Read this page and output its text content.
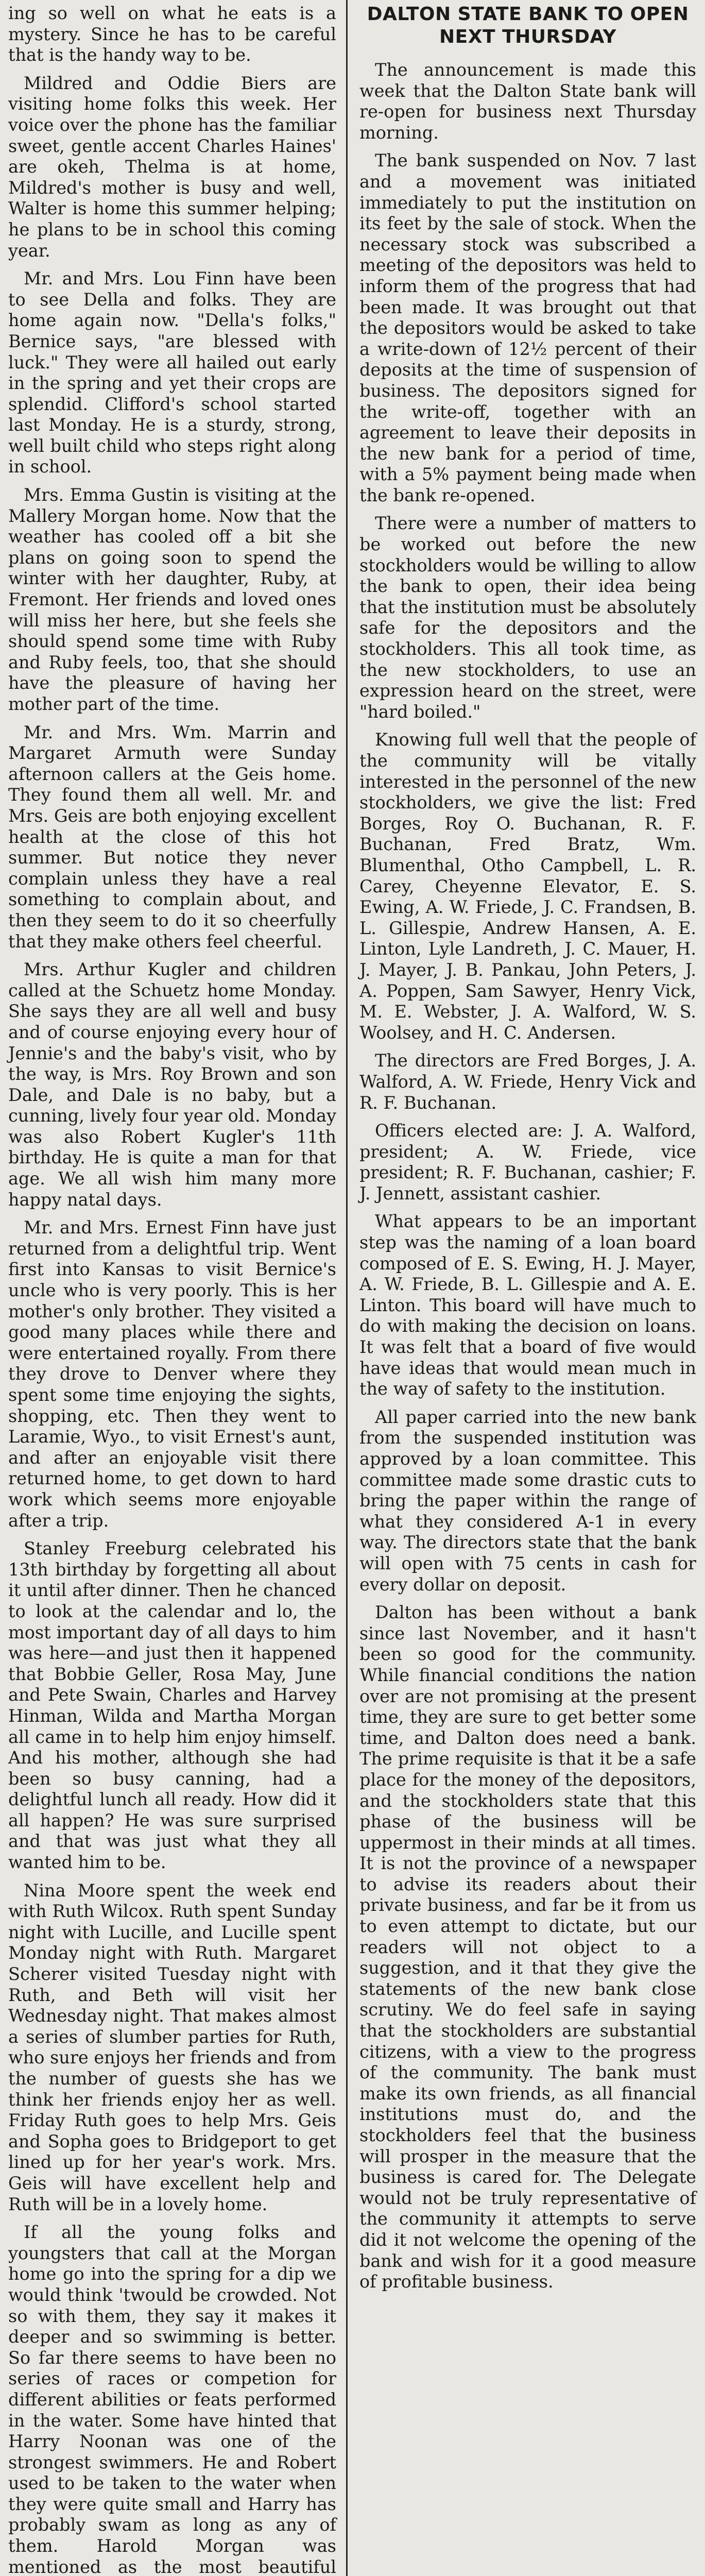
ing so well on what he eats is a mystery. Since he has to be careful that is the handy way to be.

Mildred and Oddie Biers are visiting home folks this week. Her voice over the phone has the familiar sweet, gentle accent Charles Haines' are okeh, Thelma is at home, Mildred's mother is busy and well, Walter is home this summer helping; he plans to be in school this coming year.

Mr. and Mrs. Lou Finn have been to see Della and folks. They are home again now. "Della's folks," Bernice says, "are blessed with luck." They were all hailed out early in the spring and yet their crops are splendid. Clifford's school started last Monday. He is a sturdy, strong, well built child who steps right along in school.

Mrs. Emma Gustin is visiting at the Mallery Morgan home. Now that the weather has cooled off a bit she plans on going soon to spend the winter with her daughter, Ruby, at Fremont. Her friends and loved ones will miss her here, but she feels she should spend some time with Ruby and Ruby feels, too, that she should have the pleasure of having her mother part of the time.

Mr. and Mrs. Wm. Marrin and Margaret Armuth were Sunday afternoon callers at the Geis home. They found them all well. Mr. and Mrs. Geis are both enjoying excellent health at the close of this hot summer. But notice they never complain unless they have a real something to complain about, and then they seem to do it so cheerfully that they make others feel cheerful.

Mrs. Arthur Kugler and children called at the Schuetz home Monday. She says they are all well and busy and of course enjoying every hour of Jennie's and the baby's visit, who by the way, is Mrs. Roy Brown and son Dale, and Dale is no baby, but a cunning, lively four year old. Monday was also Robert Kugler's 11th birthday. He is quite a man for that age. We all wish him many more happy natal days.

Mr. and Mrs. Ernest Finn have just returned from a delightful trip. Went first into Kansas to visit Bernice's uncle who is very poorly. This is her mother's only brother. They visited a good many places while there and were entertained royally. From there they drove to Denver where they spent some time enjoying the sights, shopping, etc. Then they went to Laramie, Wyo., to visit Ernest's aunt, and after an enjoyable visit there returned home, to get down to hard work which seems more enjoyable after a trip.

Stanley Freeburg celebrated his 13th birthday by forgetting all about it until after dinner. Then he chanced to look at the calendar and lo, the most important day of all days to him was here—and just then it happened that Bobbie Geller, Rosa May, June and Pete Swain, Charles and Harvey Hinman, Wilda and Martha Morgan all came in to help him enjoy himself. And his mother, although she had been so busy canning, had a delightful lunch all ready. How did it all happen? He was sure surprised and that was just what they all wanted him to be.

Nina Moore spent the week end with Ruth Wilcox. Ruth spent Sunday night with Lucille, and Lucille spent Monday night with Ruth. Margaret Scherer visited Tuesday night with Ruth, and Beth will visit her Wednesday night. That makes almost a series of slumber parties for Ruth, who sure enjoys her friends and from the number of guests she has we think her friends enjoy her as well. Friday Ruth goes to help Mrs. Geis and Sopha goes to Bridgeport to get lined up for her year's work. Mrs. Geis will have excellent help and Ruth will be in a lovely home.

If all the young folks and youngsters that call at the Morgan home go into the spring for a dip we would think 'twould be crowded. Not so with them, they say it makes it deeper and so swimming is better. So far there seems to have been no series of races or competion for different abilities or feats performed in the water. Some have hinted that Harry Noonan was one of the strongest swimmers. He and Robert used to be taken to the water when they were quite small and Harry has probably swam as long as any of them. Harold Morgan was mentioned as the most beautiful

DALTON STATE BANK TO OPEN NEXT THURSDAY

The announcement is made this week that the Dalton State bank will re-open for business next Thursday morning.

The bank suspended on Nov. 7 last and a movement was initiated immediately to put the institution on its feet by the sale of stock. When the necessary stock was subscribed a meeting of the depositors was held to inform them of the progress that had been made. It was brought out that the depositors would be asked to take a write-down of 12½ percent of their deposits at the time of suspension of business. The depositors signed for the write-off, together with an agreement to leave their deposits in the new bank for a period of time, with a 5% payment being made when the bank re-opened.

There were a number of matters to be worked out before the new stockholders would be willing to allow the bank to open, their idea being that the institution must be absolutely safe for the depositors and the stockholders. This all took time, as the new stockholders, to use an expression heard on the street, were "hard boiled."

Knowing full well that the people of the community will be vitally interested in the personnel of the new stockholders, we give the list: Fred Borges, Roy O. Buchanan, R. F. Buchanan, Fred Bratz, Wm. Blumenthal, Otho Campbell, L. R. Carey, Cheyenne Elevator, E. S. Ewing, A. W. Friede, J. C. Frandsen, B. L. Gillespie, Andrew Hansen, A. E. Linton, Lyle Landreth, J. C. Mauer, H. J. Mayer, J. B. Pankau, John Peters, J. A. Poppen, Sam Sawyer, Henry Vick, M. E. Webster, J. A. Walford, W. S. Woolsey, and H. C. Andersen.

The directors are Fred Borges, J. A. Walford, A. W. Friede, Henry Vick and R. F. Buchanan.

Officers elected are: J. A. Walford, president; A. W. Friede, vice president; R. F. Buchanan, cashier; F. J. Jennett, assistant cashier.

What appears to be an important step was the naming of a loan board composed of E. S. Ewing, H. J. Mayer, A. W. Friede, B. L. Gillespie and A. E. Linton. This board will have much to do with making the decision on loans. It was felt that a board of five would have ideas that would mean much in the way of safety to the institution.

All paper carried into the new bank from the suspended institution was approved by a loan committee. This committee made some drastic cuts to bring the paper within the range of what they considered A-1 in every way. The directors state that the bank will open with 75 cents in cash for every dollar on deposit.

Dalton has been without a bank since last November, and it hasn't been so good for the community. While financial conditions the nation over are not promising at the present time, they are sure to get better some time, and Dalton does need a bank. The prime requisite is that it be a safe place for the money of the depositors, and the stockholders state that this phase of the business will be uppermost in their minds at all times. It is not the province of a newspaper to advise its readers about their private business, and far be it from us to even attempt to dictate, but our readers will not object to a suggestion, and it that they give the statements of the new bank close scrutiny. We do feel safe in saying that the stockholders are substantial citizens, with a view to the progress of the community. The bank must make its own friends, as all financial institutions must do, and the stockholders feel that the business will prosper in the measure that the business is cared for. The Delegate would not be truly representative of the community it attempts to serve did it not welcome the opening of the bank and wish for it a good measure of profitable business.
